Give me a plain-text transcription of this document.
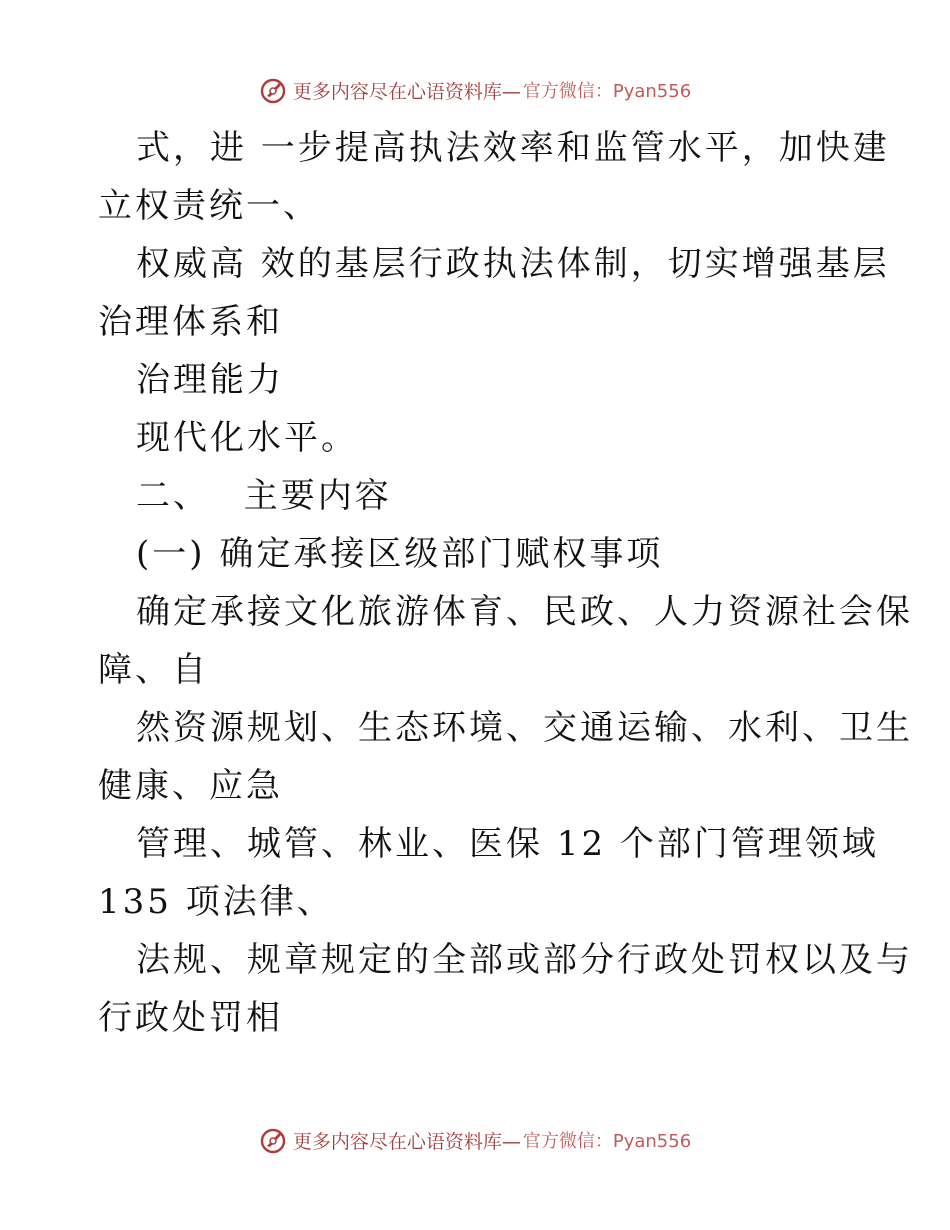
更多内容尽在心语资料库— 官方微信：Pyan556
式，进 一步提高执法效率和监管水平，加快建
立权责统一、
权威高 效的基层行政执法体制，切实增强基层
治理体系和
治理能力
现代化水平。
二、　 主要内容
(一) 确定承接区级部门赋权事项
确定承接文化旅游体育、民政、人力资源社会保
障、自
然资源规划、生态环境、交通运输、水利、卫生
健康、应急
管理、城管、林业、医保 12 个部门管理领域
135 项法律、
法规、规章规定的全部或部分行政处罚权以及与
行政处罚相
更多内容尽在心语资料库— 官方微信：Pyan556
